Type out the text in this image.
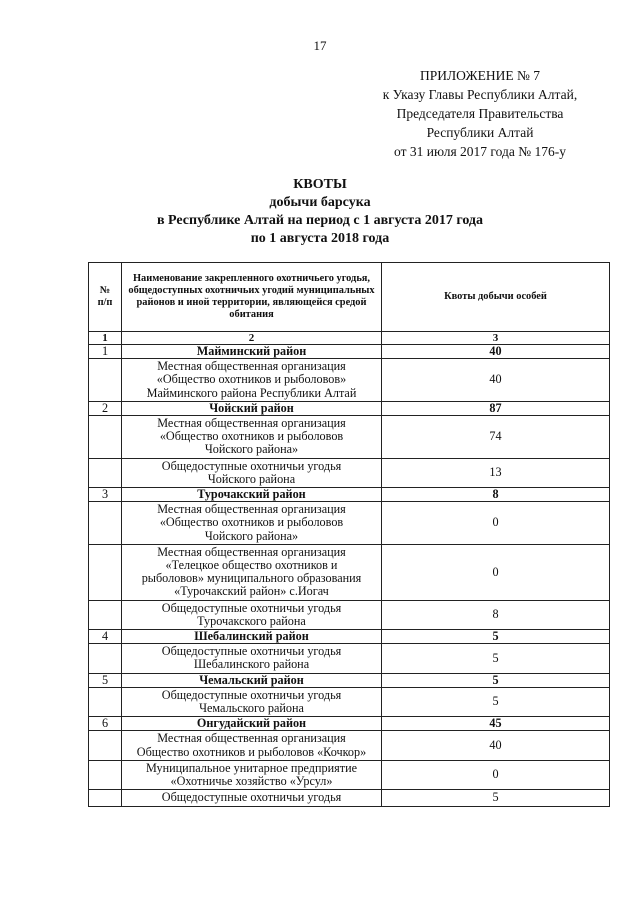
17
ПРИЛОЖЕНИЕ № 7
к Указу Главы Республики Алтай,
Председателя Правительства
Республики Алтай
от 31 июля 2017 года № 176-у
КВОТЫ
добычи барсука
в Республике Алтай на период с 1 августа 2017 года
по 1 августа 2018 года
№
п/п	Наименование закрепленного охотничьего угодья, общедоступных охотничьих угодий муниципальных районов и иной территории, являющейся средой обитания	Квоты добычи особей
1	2	3
1	Майминский район	40

	Местная общественная организация
«Общество охотников и рыболовов»
Майминского района Республики Алтай	40
2	Чойский район	87

	Местная общественная организация
«Общество охотников и рыболовов
Чойского района»	74

	Общедоступные охотничьи угодья
Чойского района	13
3	Турочакский район	8

	Местная общественная организация
«Общество охотников и рыболовов
Чойского района»	0

	Местная общественная организация
«Телецкое общество охотников и
рыболовов» муниципального образования
«Турочакский район» с.Иогач	0

	Общедоступные охотничьи угодья
Турочакского района	8
4	Шебалинский район	5

	Общедоступные охотничьи угодья
Шебалинского района	5
5	Чемальский район	5

	Общедоступные охотничьи угодья
Чемальского района	5
6	Онгудайский район	45

	Местная общественная организация
Общество охотников и рыболовов «Кочкор»	40

	Муниципальное унитарное предприятие
«Охотничье хозяйство «Урсул»	0

	Общедоступные охотничьи угодья	5
